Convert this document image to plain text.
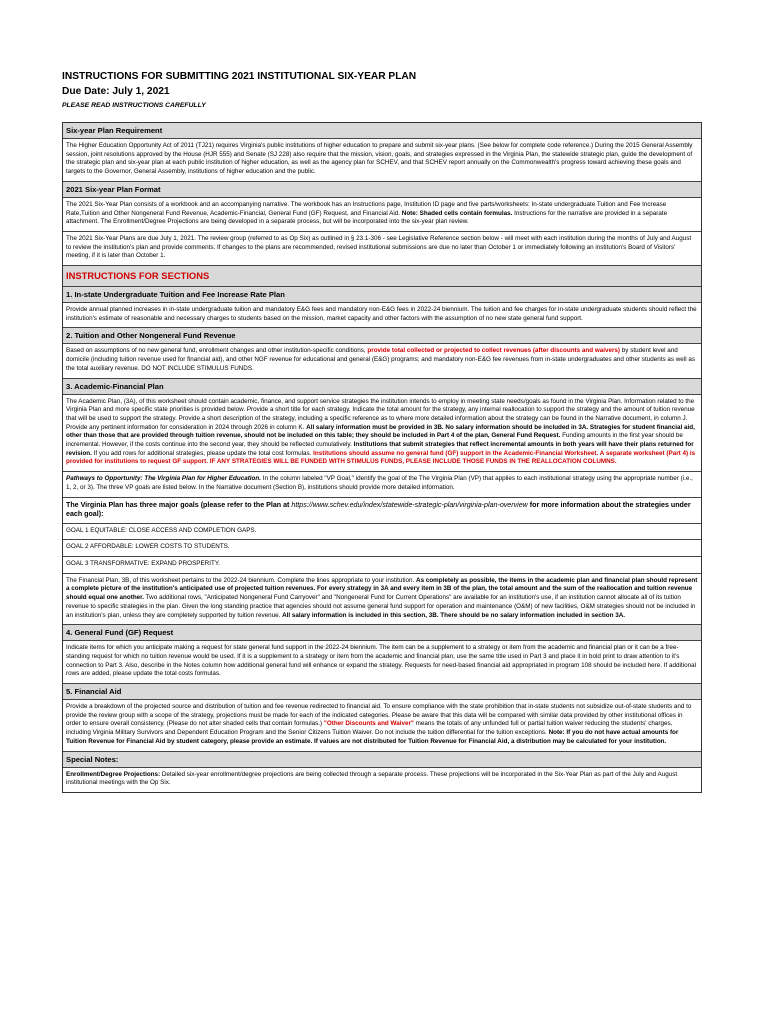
INSTRUCTIONS FOR SUBMITTING 2021 INSTITUTIONAL SIX-YEAR PLAN

Due Date: July 1, 2021

PLEASE READ INSTRUCTIONS CAREFULLY

Six-year Plan Requirement
The Higher Education Opportunity Act of 2011 (TJ21) requires Virginia's public institutions of higher education to prepare and submit six-year plans. (See below for complete code reference.) During the 2015 General Assembly session, joint resolutions approved by the House (HJR 555) and Senate (SJ 228) also require that the mission, vision, goals, and strategies expressed in the Virginia Plan, the statewide strategic plan, guide the development of the strategic plan and six-year plan at each public institution of higher education, as well as the agency plan for SCHEV, and that SCHEV report annually on the Commonwealth's progress toward achieving these goals and targets to the Governor, General Assembly, institutions of higher education and the public.
2021 Six-year Plan Format
The 2021 Six-Year Plan consists of a workbook and an accompanying narrative. The workbook has an Instructions page, Institution ID page and five parts/worksheets: In-state undergraduate Tuition and Fee Increase Rate,Tuition and Other Nongeneral Fund Revenue, Academic-Financial, General Fund (GF) Request, and Financial Aid. Note: Shaded cells contain formulas. Instructions for the narrative are provided in a separate attachment. The Enrollment/Degree Projections are being developed in a separate process, but will be incorporated into the six-year plan review.
The 2021 Six-Year Plans are due July 1, 2021. The review group (referred to as Op Six) as outlined in § 23.1-306 - see Legislative Reference section below - will meet with each institution during the months of July and August to review the institution's plan and provide comments. If changes to the plans are recommended, revised institutional submissions are due no later than October 1 or immediately following an institution's Board of Visitors' meeting, if it is later than October 1.
INSTRUCTIONS FOR SECTIONS
1. In-state Undergraduate Tuition and Fee Increase Rate Plan
Provide annual planned increases in in-state undergraduate tuition and mandatory E&G fees and mandatory non-E&G fees in 2022-24 biennium. The tuition and fee charges for in-state undergraduate students should reflect the institution's estimate of reasonable and necessary charges to students based on the mission, market capacity and other factors with the assumption of no new state general fund support.
2. Tuition and Other Nongeneral Fund Revenue
Based on assumptions of no new general fund, enrollment changes and other institution-specific conditions, provide total collected or projected to collect revenues (after discounts and waivers) by student level and domicile (including tuition revenue used for financial aid), and other NGF revenue for educational and general (E&G) programs; and mandatory non-E&G fee revenues from in-state undergraduates and other students as well as the total auxiliary revenue. DO NOT INCLUDE STIMULUS FUNDS.
3. Academic-Financial Plan
The Academic Plan, (3A), of this worksheet should contain academic, finance, and support service strategies the institution intends to employ in meeting state needs/goals as found in the Virginia Plan. Information related to the Virginia Plan and more specific state priorities is provided below. Provide a short title for each strategy. Indicate the total amount for the strategy, any internal reallocation to support the strategy and the amount of tuition revenue that will be used to support the strategy. Provide a short description of the strategy, including a specific reference as to where more detailed information about the strategy can be found in the Narrative document, in column J. Provide any pertinent information for consideration in 2024 through 2026 in column K. All salary information must be provided in 3B. No salary information should be included in 3A. Strategies for student financial aid, other than those that are provided through tuition revenue, should not be included on this table; they should be included in Part 4 of the plan, General Fund Request. Funding amounts in the first year should be incremental. However, if the costs continue into the second year, they should be reflected cumulatively. Institutions that submit strategies that reflect incremental amounts in both years will have their plans returned for revision. If you add rows for additional strategies, please update the total cost formulas. Institutions should assume no general fund (GF) support in the Academic-Financial Worksheet. A separate worksheet (Part 4) is provided for institutions to request GF support. IF ANY STRATEGIES WILL BE FUNDED WITH STIMULUS FUNDS, PLEASE INCLUDE THOSE FUNDS IN THE REALLOCATION COLUMNS.
Pathways to Opportunity: The Virginia Plan for Higher Education. In the column labeled "VP Goal," identify the goal of the The Virginia Plan (VP) that applies to each institutional strategy using the appropriate number (i.e., 1, 2, or 3). The three VP goals are listed below. In the Narrative document (Section B), institutions should provide more detailed information.
The Virginia Plan has three major goals (please refer to the Plan at https://www.schev.edu/index/statewide-strategic-plan/virginia-plan-overview for more information about the strategies under each goal):
GOAL 1 EQUITABLE: CLOSE ACCESS AND COMPLETION GAPS.
GOAL 2 AFFORDABLE: LOWER COSTS TO STUDENTS.
GOAL 3 TRANSFORMATIVE: EXPAND PROSPERITY.
The Financial Plan, 3B, of this worksheet pertains to the 2022-24 biennium. Complete the lines appropriate to your institution. As completely as possible, the items in the academic plan and financial plan should represent a complete picture of the institution's anticipated use of projected tuition revenues. For every strategy in 3A and every item in 3B of the plan, the total amount and the sum of the reallocation and tuition revenue should equal one another. Two additional rows, "Anticipated Nongeneral Fund Carryover" and "Nongeneral Fund for Current Operations" are available for an institution's use, if an institution cannot allocate all of its tuition revenue to specific strategies in the plan. Given the long standing practice that agencies should not assume general fund support for operation and maintenance (O&M) of new facilities, O&M strategies should not be included in an institution's plan, unless they are completely supported by tuition revenue. All salary information is included in this section, 3B. There should be no salary information included in section 3A.
4. General Fund (GF) Request
Indicate items for which you anticipate making a request for state general fund support in the 2022-24 biennium. The item can be a supplement to a strategy or item from the academic and financial plan or it can be a free-standing request for which no tuition revenue would be used. If it is a supplement to a strategy or item from the academic and financial plan, use the same title used in Part 3 and place it in bold print to draw attention to it's connection to Part 3. Also, describe in the Notes column how additional general fund will enhance or expand the strategy. Requests for need-based financial aid appropriated in program 108 should be included here. If additional rows are added, please update the total costs formulas.
5. Financial Aid
Provide a breakdown of the projected source and distribution of tuition and fee revenue redirected to financial aid. To ensure compliance with the state prohibition that in-state students not subsidize out-of-state students and to provide the review group with a scope of the strategy, projections must be made for each of the indicated categories. Please be aware that this data will be compared with similar data provided by other institutional offices in order to ensure overall consistency. (Please do not alter shaded cells that contain formulas.) "Other Discounts and Waiver" means the totals of any unfunded full or partial tuition waiver reducing the students' charges, including Virginia Military Survivors and Dependent Education Program and the Senior Citizens Tuition Waiver. Do not include the tuition differential for the tuition exceptions. Note: If you do not have actual amounts for Tuition Revenue for Financial Aid by student category, please provide an estimate. If values are not distributed for Tuition Revenue for Financial Aid, a distribution may be calculated for your institution.
Special Notes:
Enrollment/Degree Projections: Detailed six-year enrollment/degree projections are being collected through a separate process. These projections will be incorporated in the Six-Year Plan as part of the July and August institutional meetings with the Op Six.
